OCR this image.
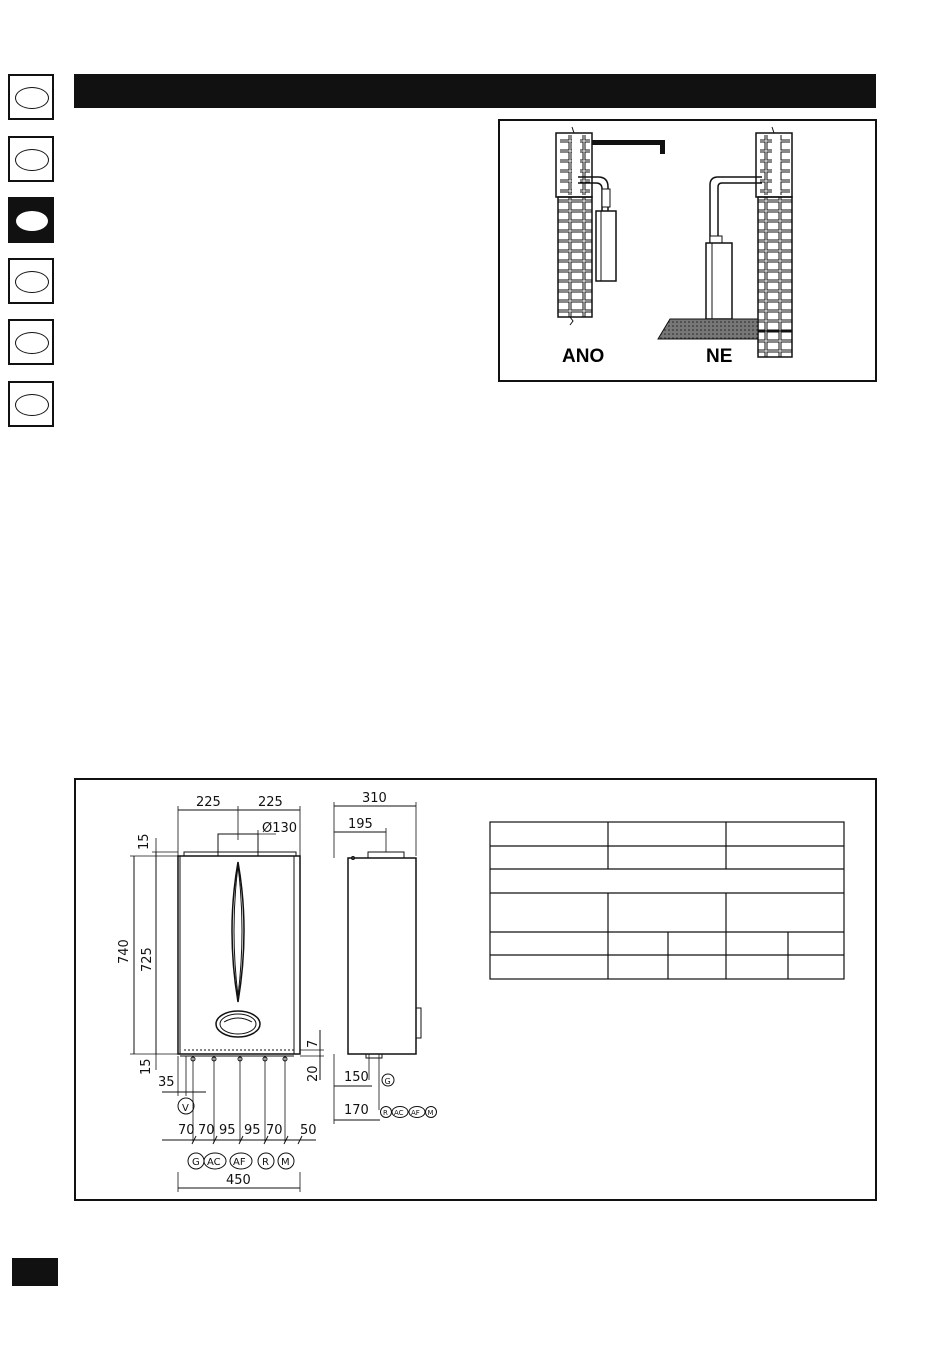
ANO	NE
225	225
Ø130
15
740 725
15
7
20
35
V
70 70 95 95 70 50
G AC AF R M
450
310
195
150 G
170 R AC AF M
